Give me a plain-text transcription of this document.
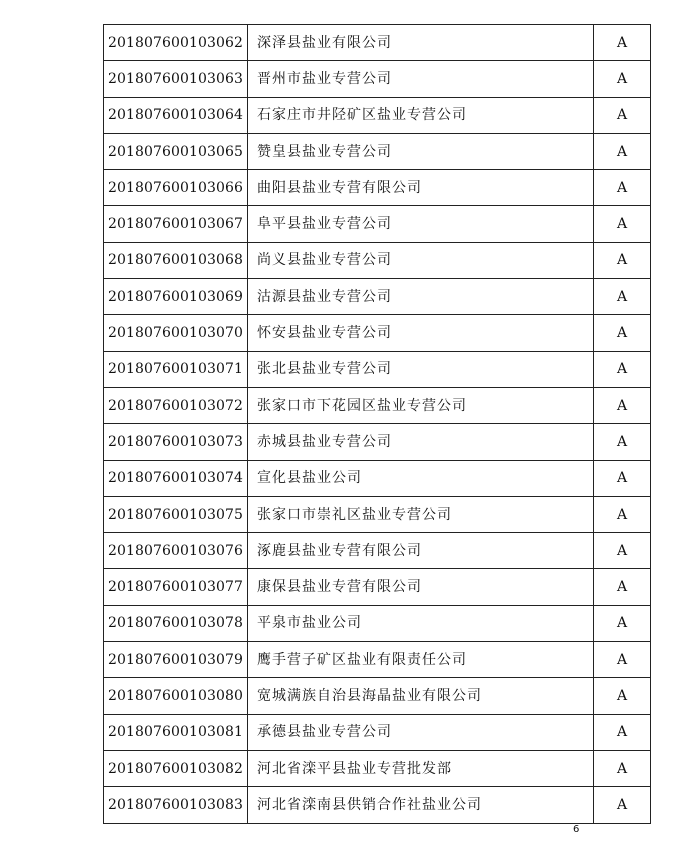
201807600103062	深泽县盐业有限公司	A
201807600103063	晋州市盐业专营公司	A
201807600103064	石家庄市井陉矿区盐业专营公司	A
201807600103065	赞皇县盐业专营公司	A
201807600103066	曲阳县盐业专营有限公司	A
201807600103067	阜平县盐业专营公司	A
201807600103068	尚义县盐业专营公司	A
201807600103069	沽源县盐业专营公司	A
201807600103070	怀安县盐业专营公司	A
201807600103071	张北县盐业专营公司	A
201807600103072	张家口市下花园区盐业专营公司	A
201807600103073	赤城县盐业专营公司	A
201807600103074	宣化县盐业公司	A
201807600103075	张家口市崇礼区盐业专营公司	A
201807600103076	涿鹿县盐业专营有限公司	A
201807600103077	康保县盐业专营有限公司	A
201807600103078	平泉市盐业公司	A
201807600103079	鹰手营子矿区盐业有限责任公司	A
201807600103080	宽城满族自治县海晶盐业有限公司	A
201807600103081	承德县盐业专营公司	A
201807600103082	河北省滦平县盐业专营批发部	A
201807600103083	河北省滦南县供销合作社盐业公司	A
6
